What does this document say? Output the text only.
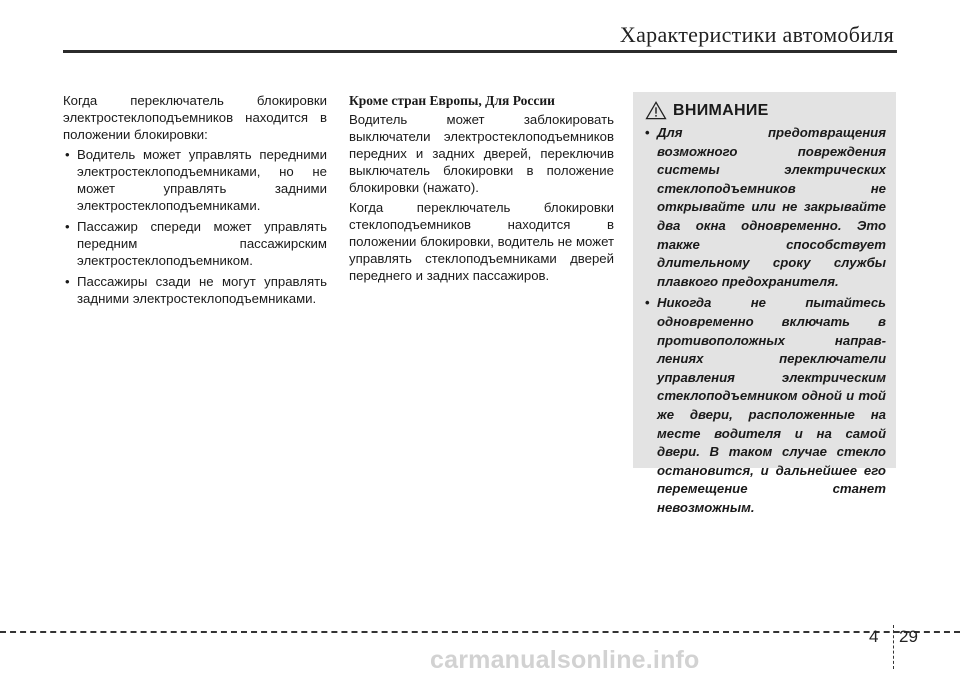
Характеристики автомобиля

Когда переключатель блокировки электростеклоподъемников находится в положении блокировки:

• Водитель может управлять передними электростеклоподъемниками, но не может управлять задними электростеклоподъемниками.
• Пассажир спереди может управлять передним пассажирским электростеклоподъемником.
• Пассажиры сзади не могут управлять задними электростеклоподъемниками.
Кроме стран Европы, Для России

Водитель может заблокировать выключатели электростеклоподъемников передних и задних дверей, переключив выключатель блокировки в положение блокировки (нажато).

Когда переключатель блокировки стеклоподъемников находится в положении блокировки, водитель не может управлять стеклоподъемниками дверей переднего и задних пассажиров.

ВНИМАНИЕ
• Для предотвращения возможного повреждения системы электрических стеклоподъемников не открывайте или не закрывайте два окна одновременно. Это также способствует длительному сроку службы плавкого предохранителя.
• Никогда не пытайтесь одновременно включать в противоположных направ-лениях переключатели управления электрическим стеклоподъемником одной и той же двери, расположенные на месте водителя и на самой двери. В таком случае стекло остановится, и дальнейшее его перемещение станет невозможным.
4 29
carmanualsonline.info
